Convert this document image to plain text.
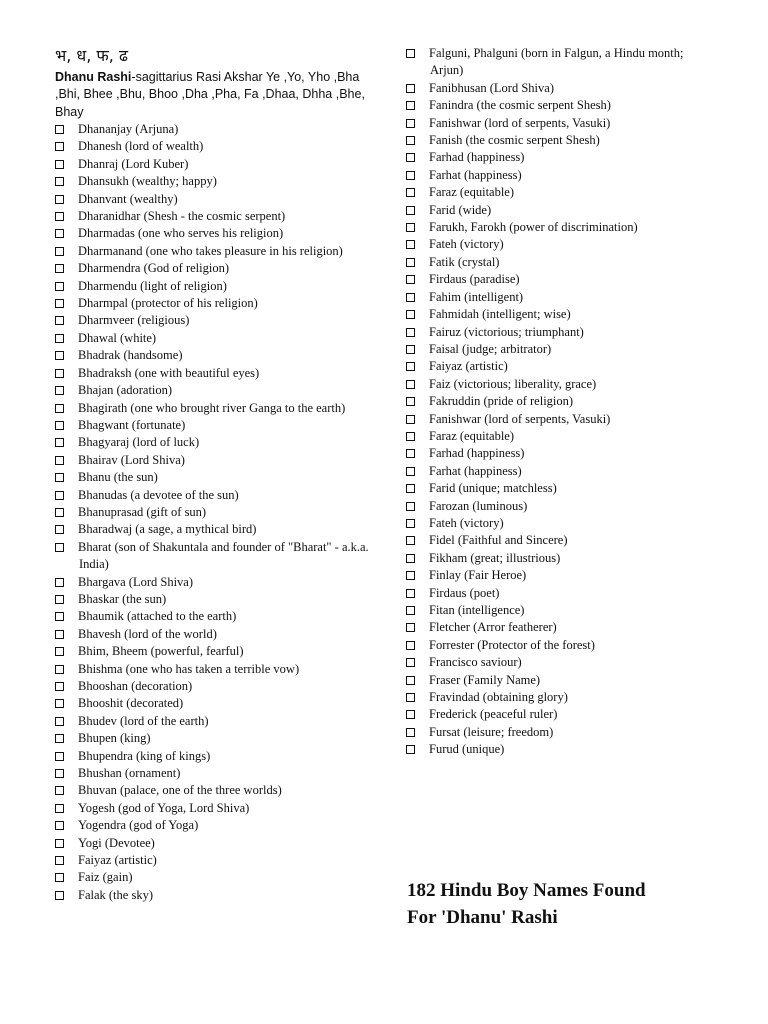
भ, ध, फ, ढ
Dhanu Rashi-sagittarius Rasi Akshar Ye ,Yo, Yho ,Bha ,Bhi, Bhee ,Bhu, Bhoo ,Dha ,Pha, Fa ,Dhaa, Dhha ,Bhe, Bhay
Dhananjay (Arjuna)
Dhanesh (lord of wealth)
Dhanraj (Lord Kuber)
Dhansukh (wealthy; happy)
Dhanvant (wealthy)
Dharanidhar (Shesh - the cosmic serpent)
Dharmadas (one who serves his religion)
Dharmanand (one who takes pleasure in his religion)
Dharmendra (God of religion)
Dharmendu (light of religion)
Dharmpal (protector of his religion)
Dharmveer (religious)
Dhawal (white)
Bhadrak (handsome)
Bhadraksh (one with beautiful eyes)
Bhajan (adoration)
Bhagirath (one who brought river Ganga to the earth)
Bhagwant (fortunate)
Bhagyaraj (lord of luck)
Bhairav (Lord Shiva)
Bhanu (the sun)
Bhanudas (a devotee of the sun)
Bhanuprasad (gift of sun)
Bharadwaj (a sage, a mythical bird)
Bharat (son of Shakuntala and founder of "Bharat" - a.k.a. India)
Bhargava (Lord Shiva)
Bhaskar (the sun)
Bhaumik (attached to the earth)
Bhavesh (lord of the world)
Bhim, Bheem (powerful, fearful)
Bhishma (one who has taken a terrible vow)
Bhooshan (decoration)
Bhooshit (decorated)
Bhudev (lord of the earth)
Bhupen (king)
Bhupendra (king of kings)
Bhushan (ornament)
Bhuvan (palace, one of the three worlds)
Yogesh (god of Yoga, Lord Shiva)
Yogendra (god of Yoga)
Yogi (Devotee)
Faiyaz (artistic)
Faiz (gain)
Falak (the sky)
Falguni, Phalguni (born in Falgun, a Hindu month; Arjun)
Fanibhusan (Lord Shiva)
Fanindra (the cosmic serpent Shesh)
Fanishwar (lord of serpents, Vasuki)
Fanish (the cosmic serpent Shesh)
Farhad (happiness)
Farhat (happiness)
Faraz (equitable)
Farid (wide)
Farukh, Farokh (power of discrimination)
Fateh (victory)
Fatik (crystal)
Firdaus (paradise)
Fahim (intelligent)
Fahmidah (intelligent; wise)
Fairuz (victorious; triumphant)
Faisal (judge; arbitrator)
Faiyaz (artistic)
Faiz (victorious; liberality, grace)
Fakruddin (pride of religion)
Fanishwar (lord of serpents, Vasuki)
Faraz (equitable)
Farhad (happiness)
Farhat (happiness)
Farid (unique; matchless)
Farozan (luminous)
Fateh (victory)
Fidel (Faithful and Sincere)
Fikham (great; illustrious)
Finlay (Fair Heroe)
Firdaus (poet)
Fitan (intelligence)
Fletcher (Arror featherer)
Forrester (Protector of the forest)
Francisco saviour)
Fraser (Family Name)
Fravindad (obtaining glory)
Frederick (peaceful ruler)
Fursat (leisure; freedom)
Furud (unique)
182 Hindu Boy Names Found
For 'Dhanu' Rashi
